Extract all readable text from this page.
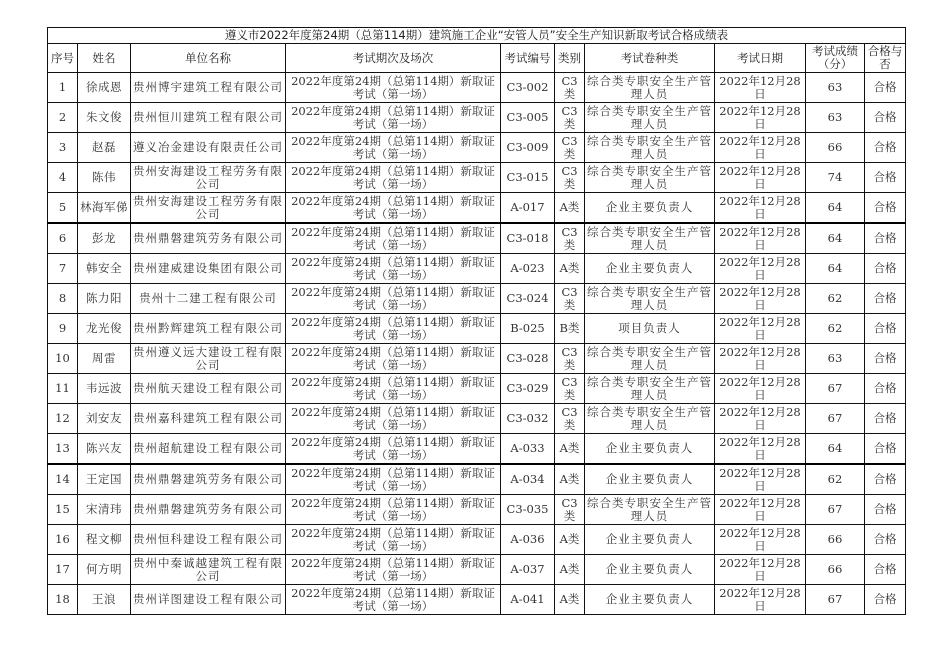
遵义市2022年度第24期（总第114期）建筑施工企业“安管人员”安全生产知识新取考试合格成绩表									
序号	姓名	单位名称	考试期次及场次	考试编号	类别	考试卷种类	考试日期	考试成绩（分）	合格与否
1	徐成恩	贵州博宇建筑工程有限公司	2022年度第24期（总第114期）新取证考试（第一场）	C3-002	C3类	综合类专职安全生产管理人员	2022年12月28日	63	合格
2	朱文俊	贵州恒川建筑工程有限公司	2022年度第24期（总第114期）新取证考试（第一场）	C3-005	C3类	综合类专职安全生产管理人员	2022年12月28日	63	合格
3	赵磊	遵义冶金建设有限责任公司	2022年度第24期（总第114期）新取证考试（第一场）	C3-009	C3类	综合类专职安全生产管理人员	2022年12月28日	66	合格
4	陈伟	贵州安海建设工程劳务有限公司	2022年度第24期（总第114期）新取证考试（第一场）	C3-015	C3类	综合类专职安全生产管理人员	2022年12月28日	74	合格
5	林海军俤	贵州安海建设工程劳务有限公司	2022年度第24期（总第114期）新取证考试（第一场）	A-017	A类	企业主要负责人	2022年12月28日	64	合格
6	彭龙	贵州鼎磐建筑劳务有限公司	2022年度第24期（总第114期）新取证考试（第一场）	C3-018	C3类	综合类专职安全生产管理人员	2022年12月28日	64	合格
7	韩安全	贵州建威建设集团有限公司	2022年度第24期（总第114期）新取证考试（第一场）	A-023	A类	企业主要负责人	2022年12月28日	64	合格
8	陈力阳	贵州十二建工程有限公司	2022年度第24期（总第114期）新取证考试（第一场）	C3-024	C3类	综合类专职安全生产管理人员	2022年12月28日	62	合格
9	龙光俊	贵州黔辉建筑工程有限公司	2022年度第24期（总第114期）新取证考试（第一场）	B-025	B类	项目负责人	2022年12月28日	62	合格
10	周雷	贵州遵义远大建设工程有限公司	2022年度第24期（总第114期）新取证考试（第一场）	C3-028	C3类	综合类专职安全生产管理人员	2022年12月28日	63	合格
11	韦远波	贵州航天建设工程有限公司	2022年度第24期（总第114期）新取证考试（第一场）	C3-029	C3类	综合类专职安全生产管理人员	2022年12月28日	67	合格
12	刘安友	贵州嘉科建筑工程有限公司	2022年度第24期（总第114期）新取证考试（第一场）	C3-032	C3类	综合类专职安全生产管理人员	2022年12月28日	67	合格
13	陈兴友	贵州超航建设工程有限公司	2022年度第24期（总第114期）新取证考试（第一场）	A-033	A类	企业主要负责人	2022年12月28日	64	合格
14	王定国	贵州鼎磐建筑劳务有限公司	2022年度第24期（总第114期）新取证考试（第一场）	A-034	A类	企业主要负责人	2022年12月28日	62	合格
15	宋清玮	贵州鼎磐建筑劳务有限公司	2022年度第24期（总第114期）新取证考试（第一场）	C3-035	C3类	综合类专职安全生产管理人员	2022年12月28日	67	合格
16	程文柳	贵州恒科建设工程有限公司	2022年度第24期（总第114期）新取证考试（第一场）	A-036	A类	企业主要负责人	2022年12月28日	66	合格
17	何方明	贵州中秦诚越建筑工程有限公司	2022年度第24期（总第114期）新取证考试（第一场）	A-037	A类	企业主要负责人	2022年12月28日	66	合格
18	王浪	贵州详图建设工程有限公司	2022年度第24期（总第114期）新取证考试（第一场）	A-041	A类	企业主要负责人	2022年12月28日	67	合格
